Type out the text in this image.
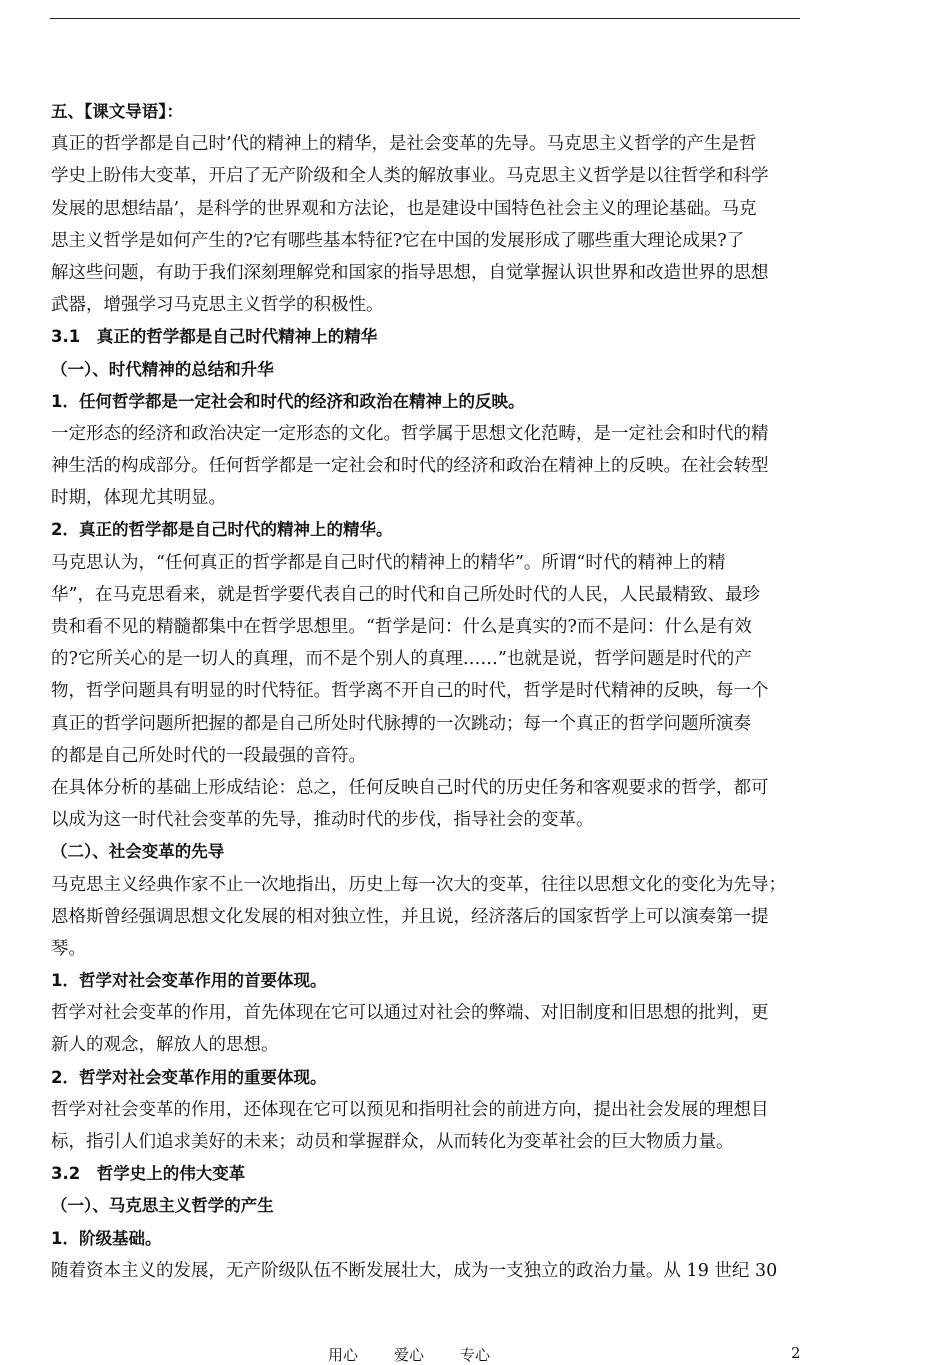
五、【课文导语】：
真正的哲学都是自己时’代的精神上的精华，是社会变革的先导。马克思主义哲学的产生是哲
学史上盼伟大变革，开启了无产阶级和全人类的解放事业。马克思主义哲学是以往哲学和科学
发展的思想结晶’，是科学的世界观和方法论，也是建设中国特色社会主义的理论基础。马克
思主义哲学是如何产生的?它有哪些基本特征?它在中国的发展形成了哪些重大理论成果?了
解这些问题，有助于我们深刻理解党和国家的指导思想，自觉掌握认识世界和改造世界的思想
武器，增强学习马克思主义哲学的积极性。
3.1　真正的哲学都是自己时代精神上的精华
（一）、时代精神的总结和升华
1．任何哲学都是一定社会和时代的经济和政治在精神上的反映。
一定形态的经济和政治决定一定形态的文化。哲学属于思想文化范畴，是一定社会和时代的精
神生活的构成部分。任何哲学都是一定社会和时代的经济和政治在精神上的反映。在社会转型
时期，体现尤其明显。
2．真正的哲学都是自己时代的精神上的精华。
马克思认为，“任何真正的哲学都是自己时代的精神上的精华”。所谓“时代的精神上的精
华”，在马克思看来，就是哲学要代表自己的时代和自己所处时代的人民，人民最精致、最珍
贵和看不见的精髓都集中在哲学思想里。“哲学是问：什么是真实的?而不是问：什么是有效
的?它所关心的是一切人的真理，而不是个别人的真理……”也就是说，哲学问题是时代的产
物，哲学问题具有明显的时代特征。哲学离不开自己的时代，哲学是时代精神的反映，每一个
真正的哲学问题所把握的都是自己所处时代脉搏的一次跳动；每一个真正的哲学问题所演奏
的都是自己所处时代的一段最强的音符。
在具体分析的基础上形成结论：总之，任何反映自己时代的历史任务和客观要求的哲学，都可
以成为这一时代社会变革的先导，推动时代的步伐，指导社会的变革。
（二）、社会变革的先导
马克思主义经典作家不止一次地指出，历史上每一次大的变革，往往以思想文化的变化为先导；
恩格斯曾经强调思想文化发展的相对独立性，并且说，经济落后的国家哲学上可以演奏第一提
琴。
1．哲学对社会变革作用的首要体现。
哲学对社会变革的作用，首先体现在它可以通过对社会的弊端、对旧制度和旧思想的批判，更
新人的观念，解放人的思想。
2．哲学对社会变革作用的重要体现。
哲学对社会变革的作用，还体现在它可以预见和指明社会的前进方向，提出社会发展的理想目
标，指引人们追求美好的未来；动员和掌握群众，从而转化为变革社会的巨大物质力量。
3.2　哲学史上的伟大变革
（一）、马克思主义哲学的产生
1．阶级基础。
随着资本主义的发展，无产阶级队伍不断发展壮大，成为一支独立的政治力量。从 19 世纪 30
用心 爱心 专心	2
